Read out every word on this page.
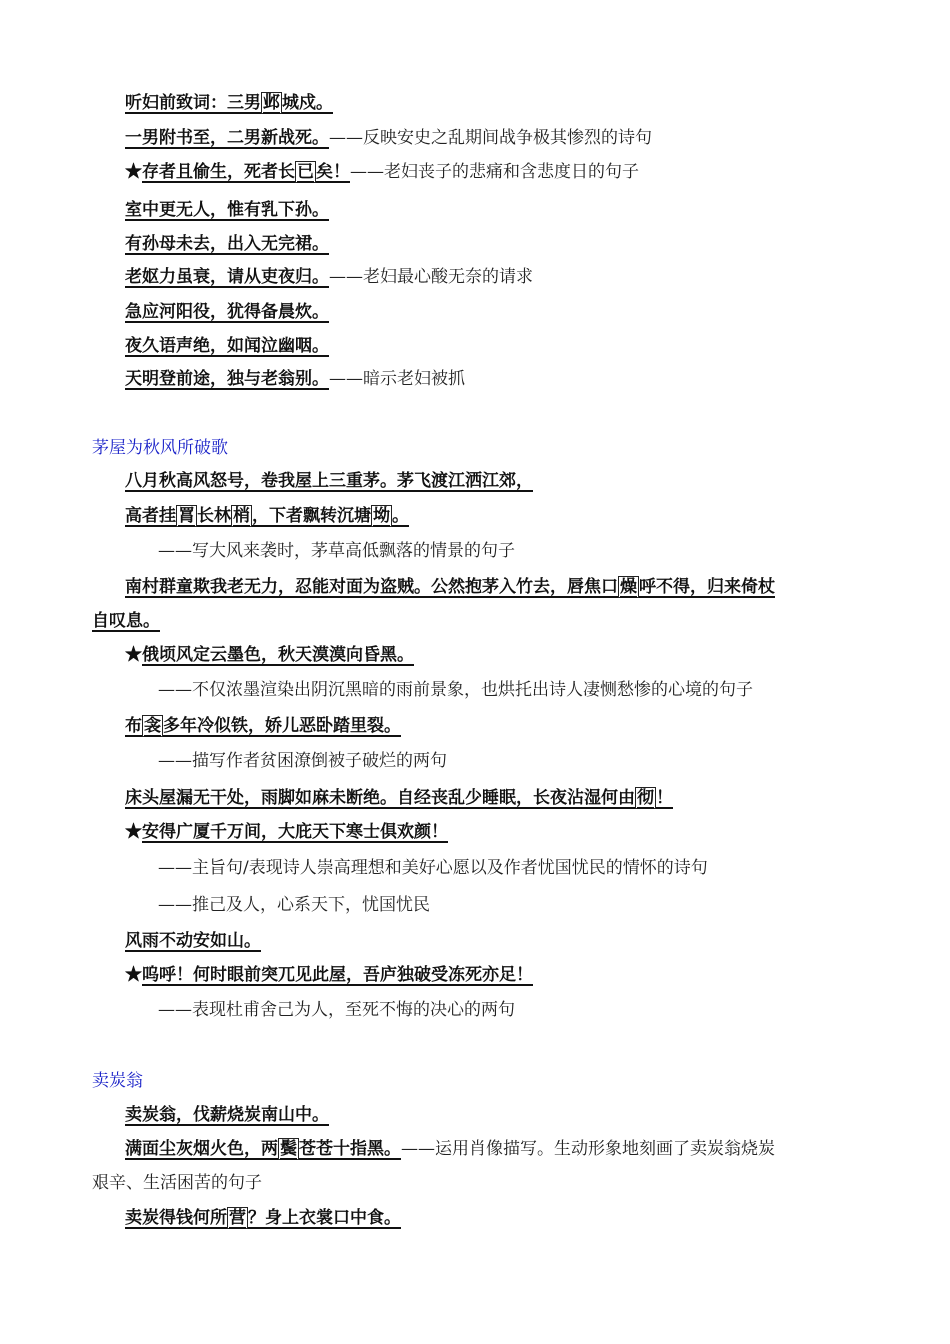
听妇前致词：三男 邺 城戍。
一男附书至，二男新战死。——反映安史之乱期间战争极其惨烈的诗句
★存者且偷生，死者长 已 矣！——老妇丧子的悲痛和含悲度日的句子
室中更无人，惟有乳下孙。
有孙母未去，出入无完裙。
老妪力虽衰，请从吏夜归。——老妇最心酸无奈的请求
急应河阳役，犹得备晨炊。
夜久语声绝，如闻泣幽咽。
天明登前途，独与老翁别。——暗示老妇被抓
茅屋为秋风所破歌
八月秋高风怒号，卷我屋上三重茅。茅飞渡江洒江郊，
高者挂 罥 长林 梢 ，下者飘转沉塘 坳 。
——写大风来袭时，茅草高低飘落的情景的句子
南村群童欺我老无力，忍能对面为盗贼。公然抱茅入竹去，唇焦口 燥 呼不得，归来倚杖
自叹息。
★俄顷风定云墨色，秋天漠漠向昏黑。
——不仅浓墨渲染出阴沉黑暗的雨前景象，也烘托出诗人凄恻愁惨的心境的句子
布 衾 多年冷似铁，娇儿恶卧踏里裂。
——描写作者贫困潦倒被子破烂的两句
床头屋漏无干处，雨脚如麻未断绝。自经丧乱少睡眠，长夜沾湿何由 彻 ！
★安得广厦千万间，大庇天下寒士俱欢颜！
——主旨句/表现诗人崇高理想和美好心愿以及作者忧国忧民的情怀的诗句
——推己及人，心系天下，忧国忧民
风雨不动安如山。
★呜呼！何时眼前突兀见此屋，吾庐独破受冻死亦足！
——表现杜甫舍己为人，至死不悔的决心的两句
卖炭翁
卖炭翁，伐薪烧炭南山中。
满面尘灰烟火色，两 鬓 苍苍十指黑。——运用肖像描写。生动形象地刻画了卖炭翁烧炭
艰辛、生活困苦的句子
卖炭得钱何所 营 ？身上衣裳口中食。
